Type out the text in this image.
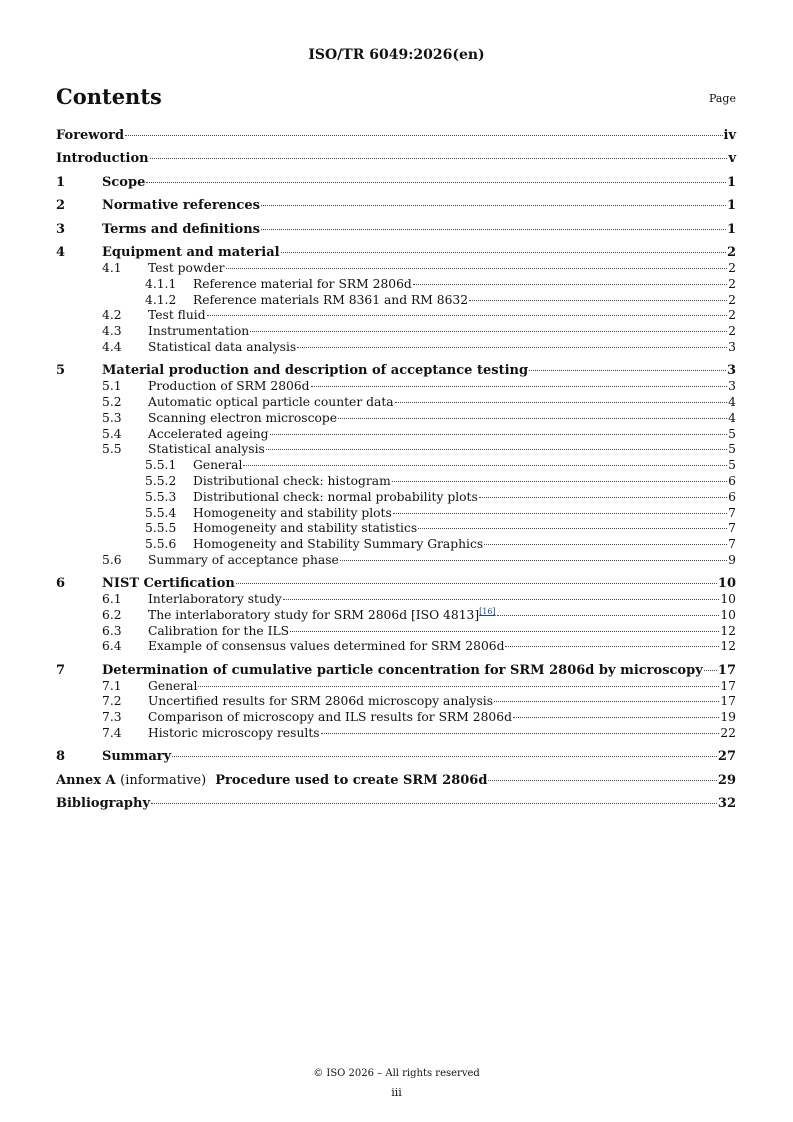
ISO/TR 6049:2026(en)
Contents	Page
Foreword	iv
Introduction	v
1	Scope	1
2	Normative references	1
3	Terms and definitions	1
4	Equipment and material	2
4.1	Test powder	2
4.1.1	Reference material for SRM 2806d	2
4.1.2	Reference materials RM 8361 and RM 8632	2
4.2	Test fluid	2
4.3	Instrumentation	2
4.4	Statistical data analysis	3
5	Material production and description of acceptance testing	3
5.1	Production of SRM 2806d	3
5.2	Automatic optical particle counter data	4
5.3	Scanning electron microscope	4
5.4	Accelerated ageing	5
5.5	Statistical analysis	5
5.5.1	General	5
5.5.2	Distributional check: histogram	6
5.5.3	Distributional check: normal probability plots	6
5.5.4	Homogeneity and stability plots	7
5.5.5	Homogeneity and stability statistics	7
5.5.6	Homogeneity and Stability Summary Graphics	7
5.6	Summary of acceptance phase	9
6	NIST Certification	10
6.1	Interlaboratory study	10
6.2	The interlaboratory study for SRM 2806d [ISO 4813][16]	10
6.3	Calibration for the ILS	12
6.4	Example of consensus values determined for SRM 2806d	12
7	Determination of cumulative particle concentration for SRM 2806d by microscopy 17
7.1	General	17
7.2	Uncertified results for SRM 2806d microscopy analysis	17
7.3	Comparison of microscopy and ILS results for SRM 2806d	19
7.4	Historic microscopy results	22
8	Summary	27
Annex A (informative) Procedure used to create SRM 2806d	29
Bibliography	32
© ISO 2026 – All rights reserved
iii
